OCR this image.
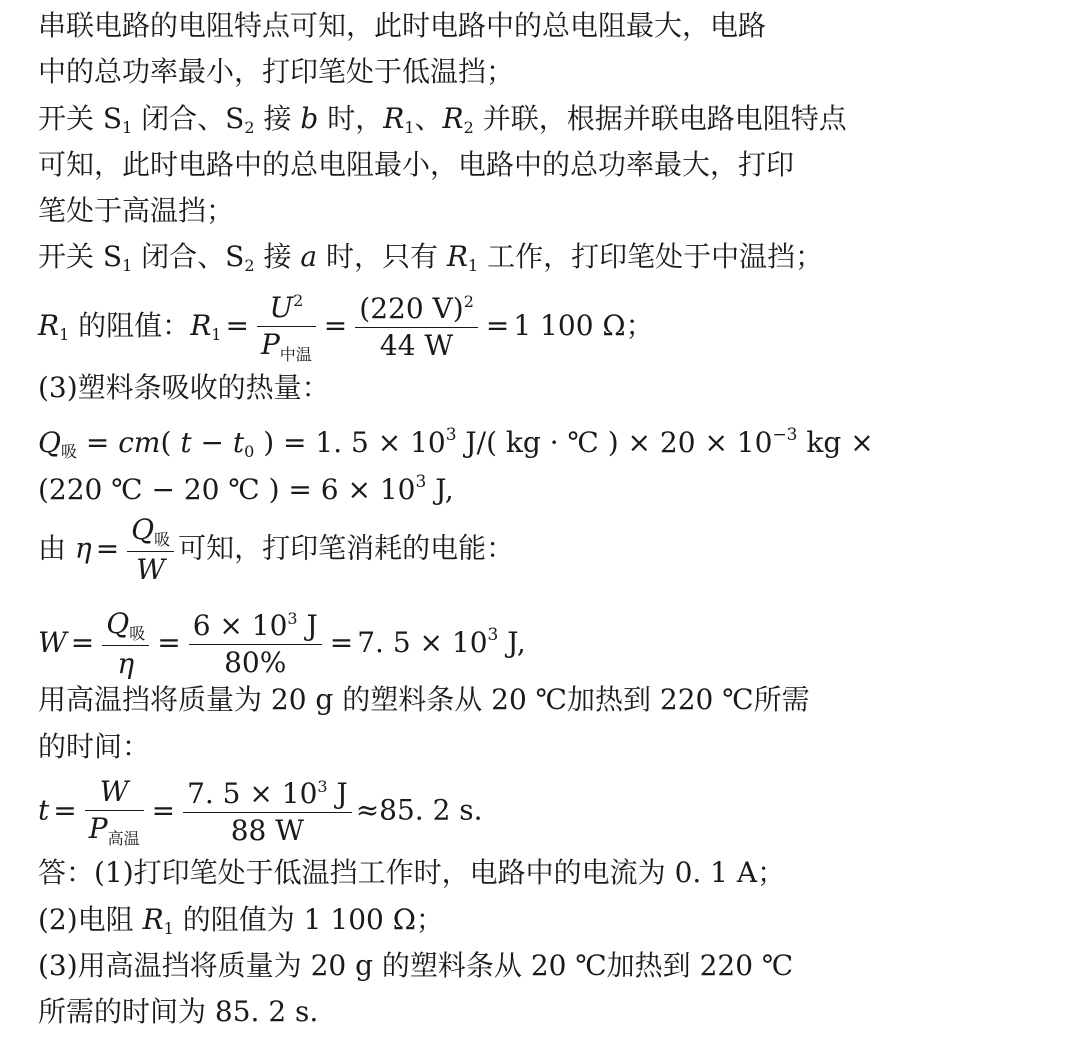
串联电路的电阻特点可知，此时电路中的总电阻最大，电路
中的总功率最小，打印笔处于低温挡；
开关 $S_1$ 闭合、$S_2$ 接 b 时，$R_1$、$R_2$ 并联，根据并联电路电阻特点
可知，此时电路中的总电阻最小，电路中的总功率最大，打印
笔处于高温挡；
开关 $S_1$ 闭合、$S_2$ 接 a 时，只有 $R_1$ 工作，打印笔处于中温挡；
$R_1$ 的阻值：$R_1 = \frac{U^2}{P_{中温}} = \frac{(220 V)^2}{44 W} = 1$ 100 Ω；
(3)塑料条吸收的热量：
$Q_吸 = cm$( $t - t_0$ ) = 1. $5 \times 10^3$ J/( kg · ℃ ) × $20 \times 10^{-3}$ kg ×
(220 ℃ − 20 ℃ ) = $6 \times 10^3$ J,
由 $\eta = \frac{Q_吸}{W}$ 可知，打印笔消耗的电能：
$W = \frac{Q_吸}{\eta} = \frac{6 \times 10^3 J}{80\%} = 7$. $5 \times 10^3$ J,
用高温挡将质量为 20 g 的塑料条从 20 ℃加热到 220 ℃所需
的时间：
$t = \frac{W}{P_{高温}} = \frac{7. 5 \times 10^3 J}{88 W} \approx 85$. 2 s.
答：(1)打印笔处于低温挡工作时，电路中的电流为 0. 1 A；
(2)电阻 $R_1$ 的阻值为 1 100 Ω；
(3)用高温挡将质量为 20 g 的塑料条从 20 ℃加热到 220 ℃
所需的时间为 85. 2 s.
